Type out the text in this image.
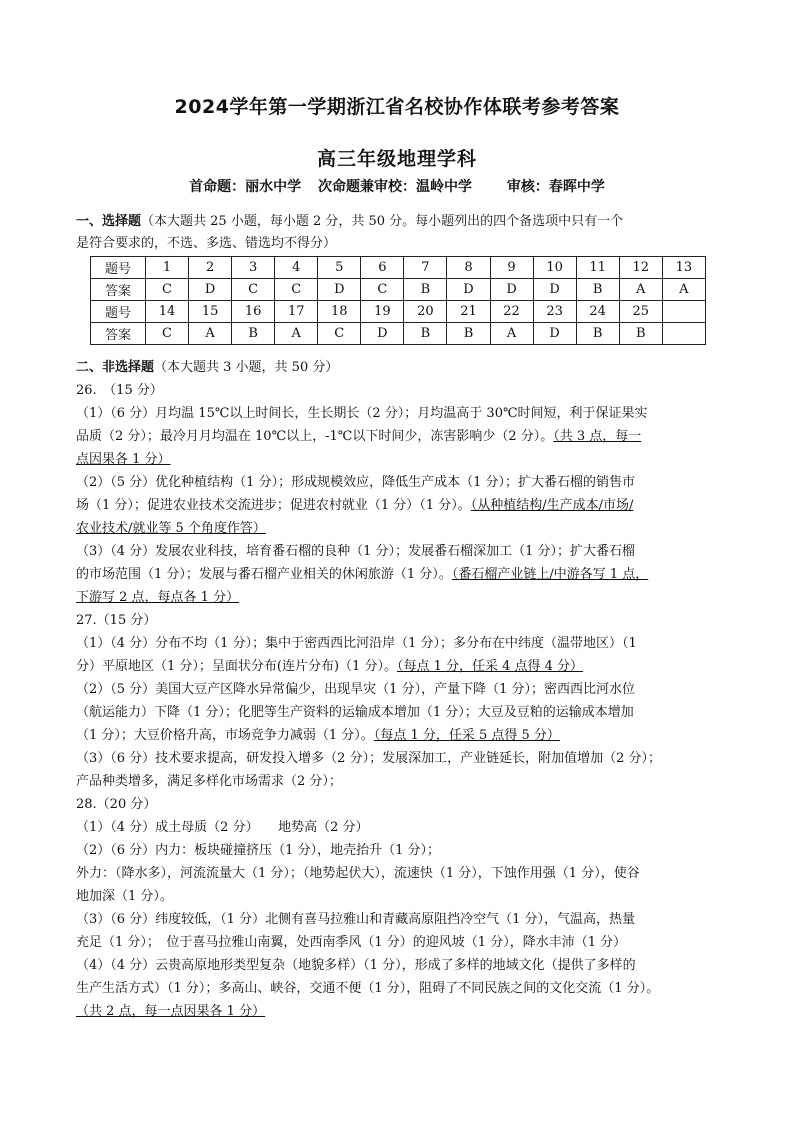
2024学年第一学期浙江省名校协作体联考参考答案
高三年级地理学科
首命题：丽水中学 次命题兼审校：温岭中学 审核：春晖中学
一、选择题（本大题共 25 小题，每小题 2 分，共 50 分。每小题列出的四个备选项中只有一个
是符合要求的，不选、多选、错选均不得分）
题号	1	2	3	4	5	6	7	8	9	10	11	12	13
答案	C	D	C	C	D	C	B	D	D	D	B	A	A
题号	14	15	16	17	18	19	20	21	22	23	24	25	
答案	C	A	B	A	C	D	B	B	A	D	B	B	
二、非选择题（本大题共 3 小题，共 50 分）
26.　（15 分）
（1）（6 分）月均温 15℃以上时间长，生长期长（2 分）；月均温高于 30℃时间短，利于保证果实
品质（2 分）；最冷月月均温在 10℃以上，-1℃以下时间少，冻害影响少（2 分）。（共 3 点，每一
点因果各 1 分）
（2）（5 分）优化种植结构（1 分）；形成规模效应，降低生产成本（1 分）；扩大番石榴的销售市
场（1 分）；促进农业技术交流进步；促进农村就业（1 分）（1 分）。（从种植结构/生产成本/市场/
农业技术/就业等 5 个角度作答）
（3）（4 分）发展农业科技，培育番石榴的良种（1 分）；发展番石榴深加工（1 分）；扩大番石榴
的市场范围（1 分）；发展与番石榴产业相关的休闲旅游（1 分）。（番石榴产业链上/中游各写 1 点，
下游写 2 点，每点各 1 分）
27.（15 分）
（1）（4 分）分布不均（1 分）；集中于密西西比河沿岸（1 分）；多分布在中纬度（温带地区）（1
分）平原地区（1 分）；呈面状分布(连片分布)（1 分）。（每点 1 分，任采 4 点得 4 分）
（2）（5 分）美国大豆产区降水异常偏少，出现旱灾（1 分），产量下降（1 分）；密西西比河水位
（航运能力）下降（1 分）；化肥等生产资料的运输成本增加（1 分）；大豆及豆粕的运输成本增加
（1 分）；大豆价格升高，市场竞争力减弱（1 分）。（每点 1 分，任采 5 点得 5 分）
（3）（6 分）技术要求提高，研发投入增多（2 分）；发展深加工，产业链延长，附加值增加（2 分）；
产品种类增多，满足多样化市场需求（2 分）；
28.（20 分）
（1）（4 分）成土母质（2 分）　　地势高（2 分）
（2）（6 分）内力：板块碰撞挤压（1 分），地壳抬升（1 分）；
外力：（降水多），河流流量大（1 分）；（地势起伏大），流速快（1 分），下蚀作用强（1 分），使谷
地加深（1 分）。
（3）（6 分）纬度较低，（1 分）北侧有喜马拉雅山和青藏高原阻挡冷空气（1 分），气温高，热量
充足（1 分）；　位于喜马拉雅山南翼，处西南季风（1 分）的迎风坡（1 分），降水丰沛（1 分）
（4）（4 分）云贵高原地形类型复杂（地貌多样）（1 分），形成了多样的地域文化（提供了多样的
生产生活方式）（1 分）；多高山、峡谷，交通不便（1 分），阻碍了不同民族之间的文化交流（1 分）。
（共 2 点，每一点因果各 1 分）
